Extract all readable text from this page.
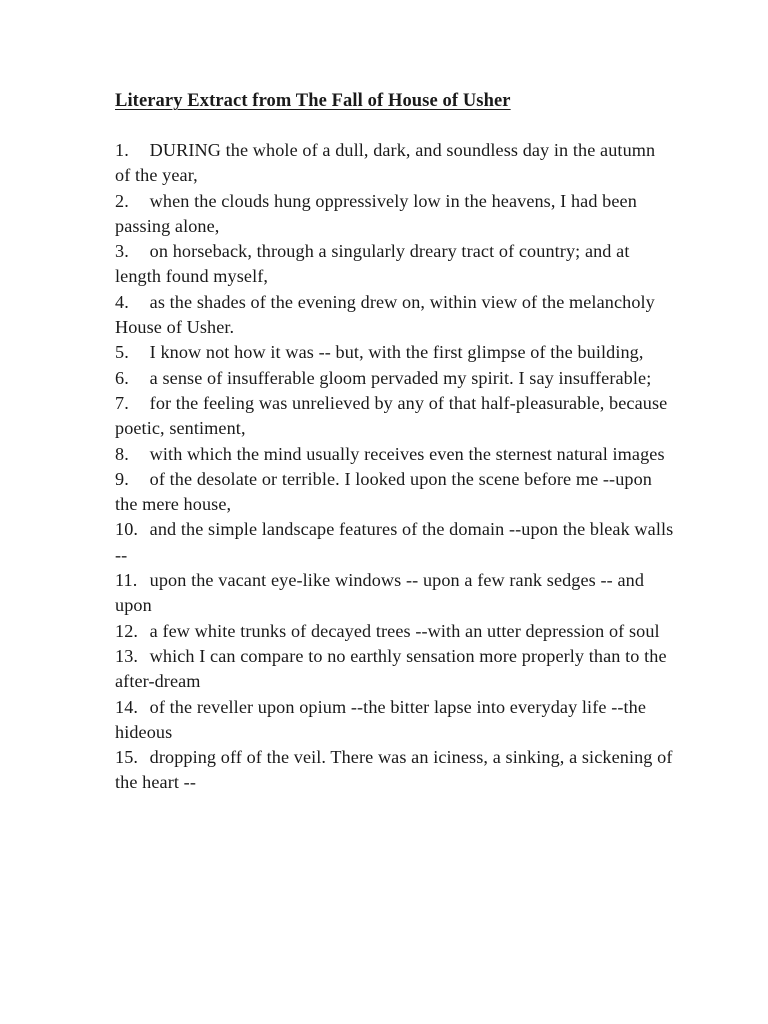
Literary Extract from The Fall of House of Usher
1. DURING the whole of a dull, dark, and soundless day in the autumn of the year,
2. when the clouds hung oppressively low in the heavens, I had been passing alone,
3. on horseback, through a singularly dreary tract of country; and at length found myself,
4. as the shades of the evening drew on, within view of the melancholy House of Usher.
5. I know not how it was -- but, with the first glimpse of the building,
6. a sense of insufferable gloom pervaded my spirit. I say insufferable;
7. for the feeling was unrelieved by any of that half-pleasurable, because poetic, sentiment,
8. with which the mind usually receives even the sternest natural images
9. of the desolate or terrible. I looked upon the scene before me --upon the mere house,
10. and the simple landscape features of the domain --upon the bleak walls --
11. upon the vacant eye-like windows -- upon a few rank sedges -- and upon
12. a few white trunks of decayed trees --with an utter depression of soul
13. which I can compare to no earthly sensation more properly than to the after-dream
14. of the reveller upon opium --the bitter lapse into everyday life --the hideous
15. dropping off of the veil. There was an iciness, a sinking, a sickening of the heart --
